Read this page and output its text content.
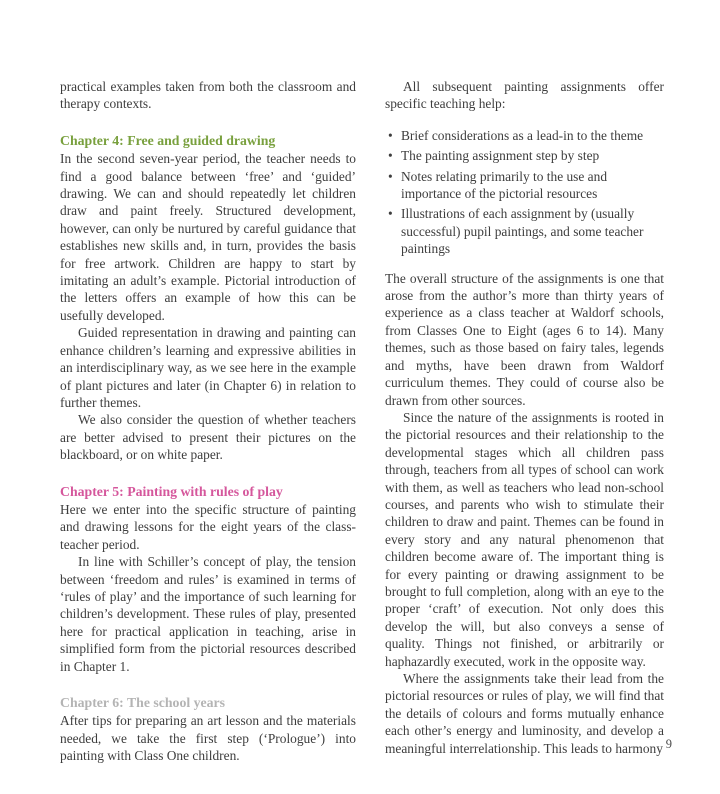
practical examples taken from both the classroom and therapy contexts.

Chapter 4: Free and guided drawing

In the second seven-year period, the teacher needs to find a good balance between ‘free’ and ‘guided’ drawing. We can and should repeatedly let children draw and paint freely. Structured development, however, can only be nurtured by careful guidance that establishes new skills and, in turn, provides the basis for free artwork. Children are happy to start by imitating an adult’s example. Pictorial introduction of the letters offers an example of how this can be usefully developed.

Guided representation in drawing and painting can enhance children’s learning and expressive abilities in an interdisciplinary way, as we see here in the example of plant pictures and later (in Chapter 6) in relation to further themes.

We also consider the question of whether teachers are better advised to present their pictures on the blackboard, or on white paper.

Chapter 5: Painting with rules of play

Here we enter into the specific structure of painting and drawing lessons for the eight years of the class-teacher period.

In line with Schiller’s concept of play, the tension between ‘freedom and rules’ is examined in terms of ‘rules of play’ and the importance of such learning for children’s development. These rules of play, presented here for practical application in teaching, arise in simplified form from the pictorial resources described in Chapter 1.

Chapter 6: The school years

After tips for preparing an art lesson and the materials needed, we take the first step (‘Prologue’) into painting with Class One children.

All subsequent painting assignments offer specific teaching help:

• Brief considerations as a lead-in to the theme
• The painting assignment step by step
• Notes relating primarily to the use and importance of the pictorial resources
• Illustrations of each assignment by (usually successful) pupil paintings, and some teacher paintings

The overall structure of the assignments is one that arose from the author’s more than thirty years of experience as a class teacher at Waldorf schools, from Classes One to Eight (ages 6 to 14). Many themes, such as those based on fairy tales, legends and myths, have been drawn from Waldorf curriculum themes. They could of course also be drawn from other sources.

Since the nature of the assignments is rooted in the pictorial resources and their relationship to the developmental stages which all children pass through, teachers from all types of school can work with them, as well as teachers who lead non-school courses, and parents who wish to stimulate their children to draw and paint. Themes can be found in every story and any natural phenomenon that children become aware of. The important thing is for every painting or drawing assignment to be brought to full completion, along with an eye to the proper ‘craft’ of execution. Not only does this develop the will, but also conveys a sense of quality. Things not finished, or arbitrarily or haphazardly executed, work in the opposite way.

Where the assignments take their lead from the pictorial resources or rules of play, we will find that the details of colours and forms mutually enhance each other’s energy and luminosity, and develop a meaningful interrelationship. This leads to harmony 9
